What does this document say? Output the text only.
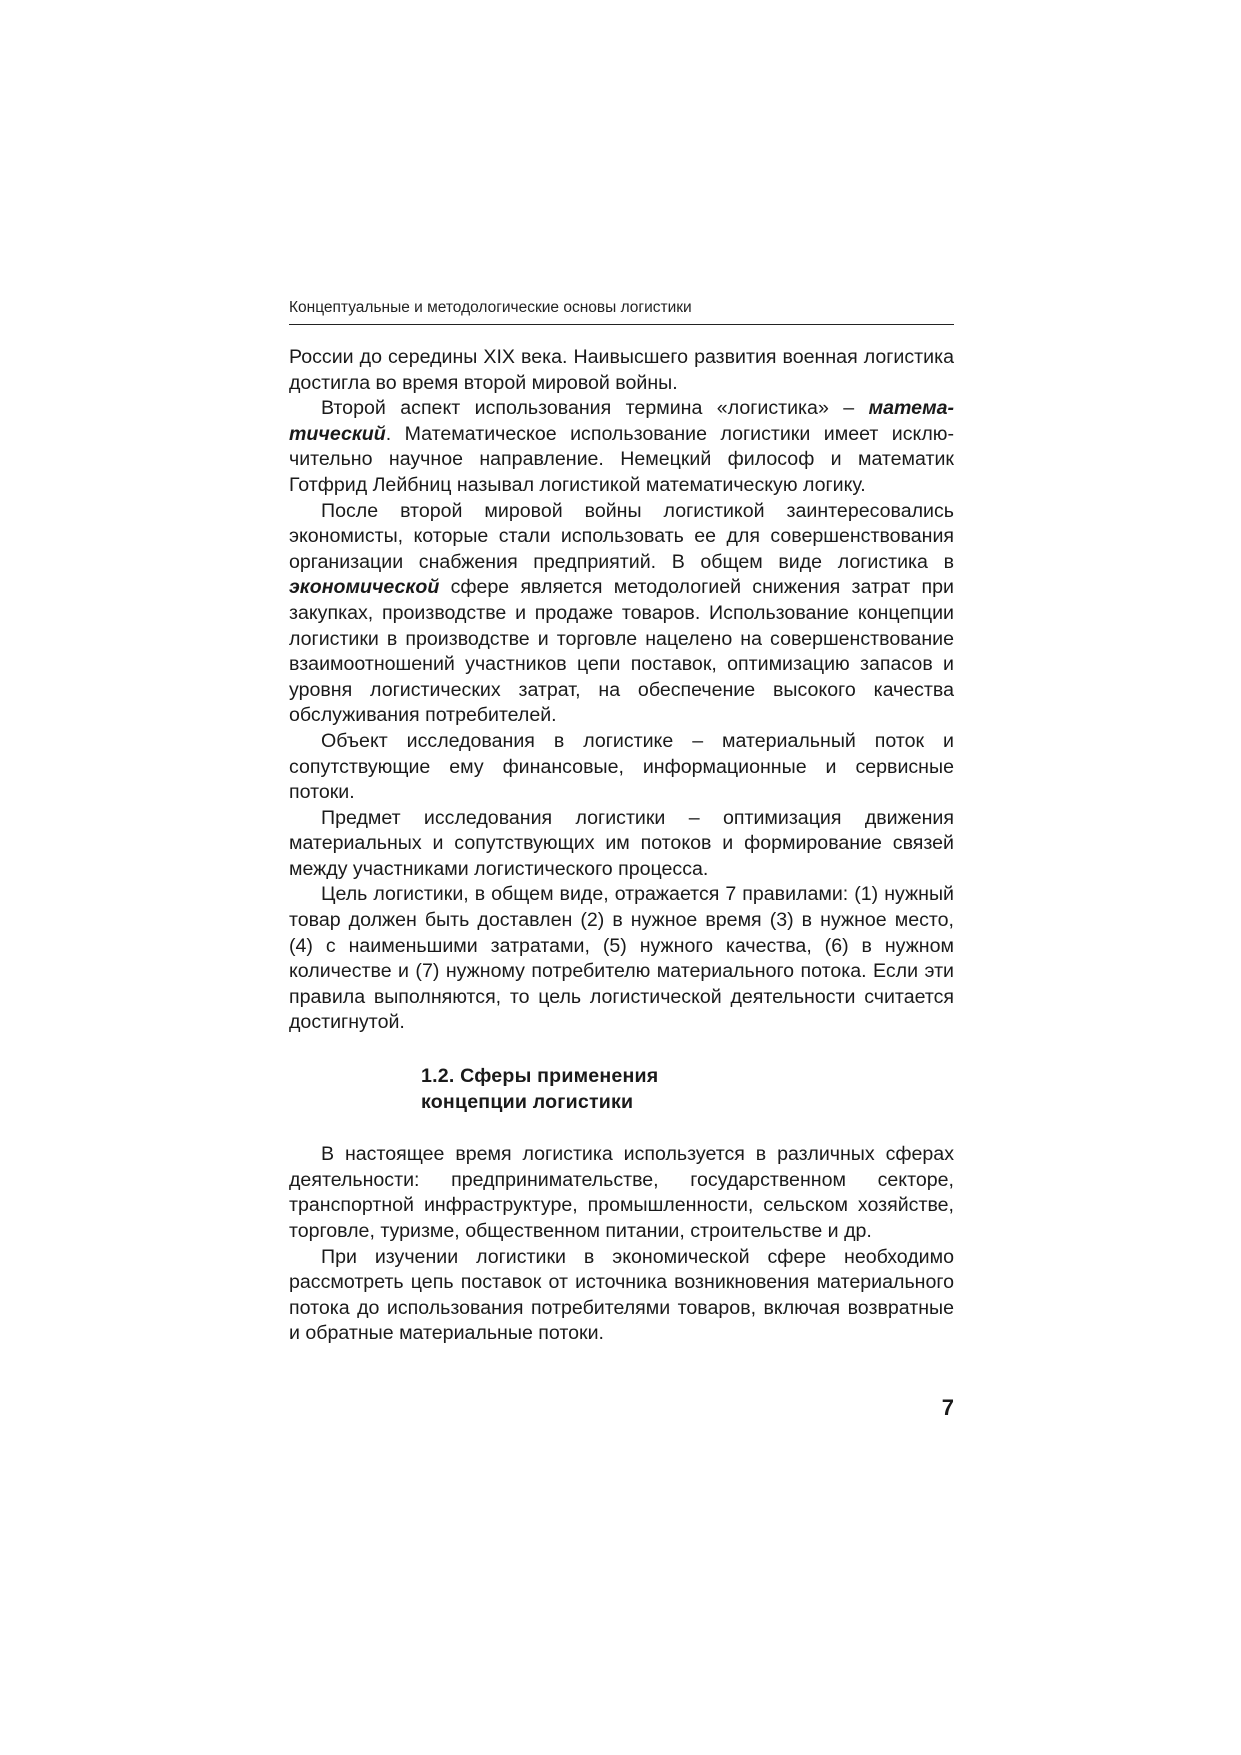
Концептуальные и методологические основы логистики

России до середины XIX века. Наивысшего развития военная логистика достигла во время второй мировой войны.

Второй аспект использования термина «логистика» – математический. Математическое использование логистики имеет исключительно научное направление. Немецкий философ и математик Готфрид Лейбниц называл логистикой математическую логику.

После второй мировой войны логистикой заинтересовались экономисты, которые стали использовать ее для совершенствования организации снабжения предприятий. В общем виде логистика в экономической сфере является методологией снижения затрат при закупках, производстве и продаже товаров. Использование концепции логистики в производстве и торговле нацелено на совершенствование взаимоотношений участников цепи поставок, оптимизацию запасов и уровня логистических затрат, на обеспечение высокого качества обслуживания потребителей.

Объект исследования в логистике – материальный поток и сопутствующие ему финансовые, информационные и сервисные потоки.

Предмет исследования логистики – оптимизация движения материальных и сопутствующих им потоков и формирование связей между участниками логистического процесса.

Цель логистики, в общем виде, отражается 7 правилами: (1) нужный товар должен быть доставлен (2) в нужное время (3) в нужное место, (4) с наименьшими затратами, (5) нужного качества, (6) в нужном количестве и (7) нужному потребителю материального потока. Если эти правила выполняются, то цель логистической деятельности считается достигнутой.

1.2. Сферы применения
концепции логистики

В настоящее время логистика используется в различных сферах деятельности: предпринимательстве, государственном секторе, транспортной инфраструктуре, промышленности, сельском хозяйстве, торговле, туризме, общественном питании, строительстве и др.

При изучении логистики в экономической сфере необходимо рассмотреть цепь поставок от источника возникновения материального потока до использования потребителями товаров, включая возвратные и обратные материальные потоки.

7
